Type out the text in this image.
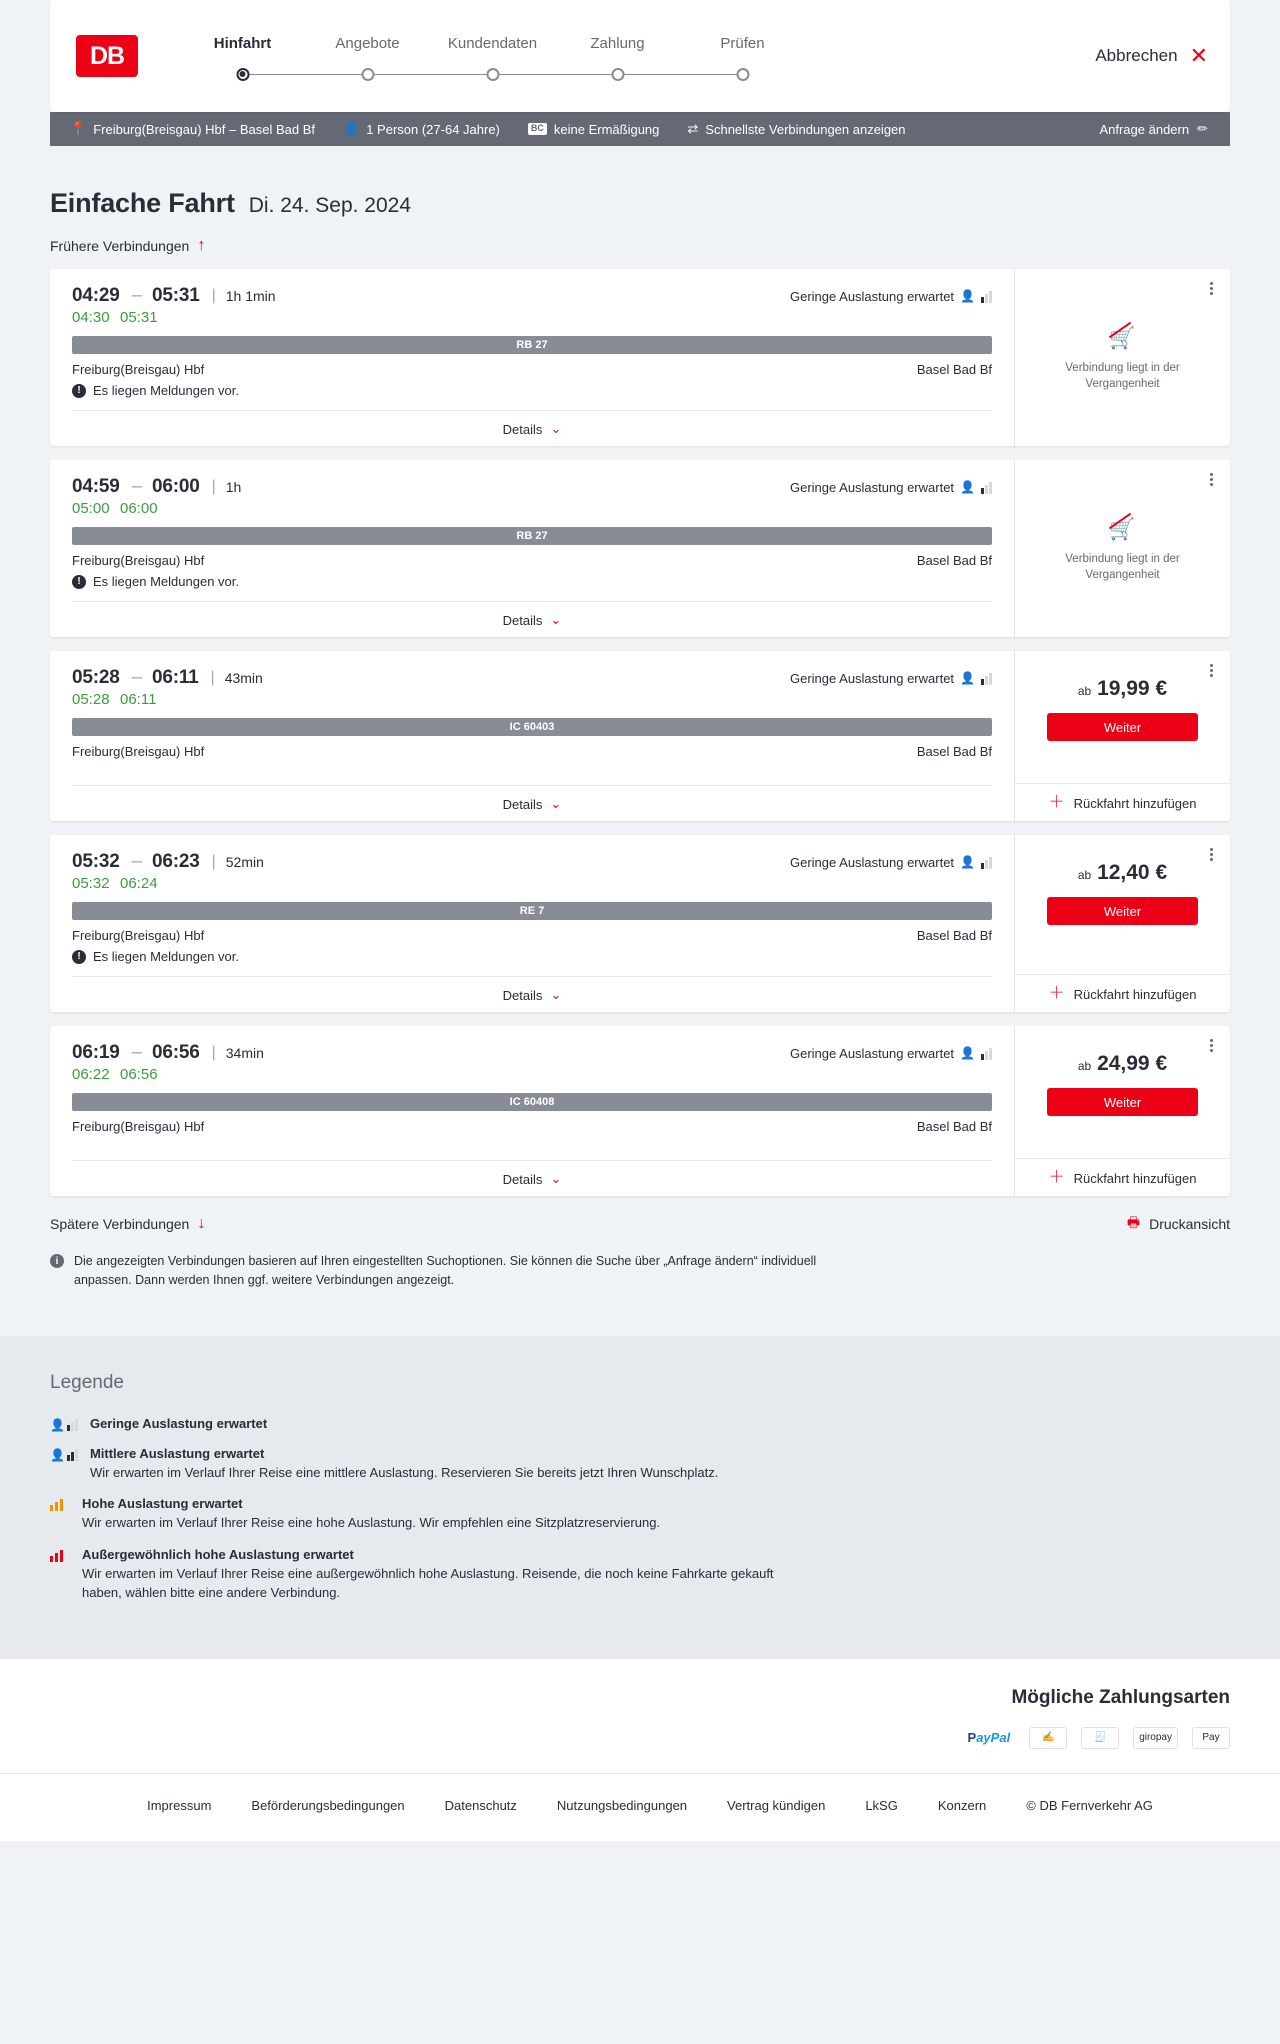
DB	Hinfahrt	Angebote	Kundendaten	Zahlung	Prüfen
Abbrechen ✕
📍 Freiburg(Breisgau) Hbf – Basel Bad Bf 👤 1 Person (27-64 Jahre)	BC keine Ermäßigung ⇄ Schnellste Verbindungen anzeigen	Anfrage ändern ✏
Einfache Fahrt Di. 24. Sep. 2024
Frühere Verbindungen ↑
04:29 – 05:31 | 1h 1min	Geringe Auslastung erwartet 👤
04:30 05:31
RB 27
Freiburg(Breisgau) Hbf	Basel Bad Bf
! Es liegen Meldungen vor.
Details ⌄
🛒
Verbindung liegt in der Vergangenheit
04:59 – 06:00 | 1h	Geringe Auslastung erwartet 👤
05:00 06:00
RB 27
Freiburg(Breisgau) Hbf	Basel Bad Bf
! Es liegen Meldungen vor.
Details ⌄
🛒
Verbindung liegt in der Vergangenheit
05:28 – 06:11 | 43min	Geringe Auslastung erwartet 👤
05:28 06:11
IC 60403
Freiburg(Breisgau) Hbf	Basel Bad Bf
Details ⌄
ab 19,99 €
Weiter
＋ Rückfahrt hinzufügen
05:32 – 06:23 | 52min	Geringe Auslastung erwartet 👤
05:32 06:24
RE 7
Freiburg(Breisgau) Hbf	Basel Bad Bf
! Es liegen Meldungen vor.
Details ⌄
ab 12,40 €
Weiter
＋ Rückfahrt hinzufügen
06:19 – 06:56 | 34min	Geringe Auslastung erwartet 👤
06:22 06:56
IC 60408
Freiburg(Breisgau) Hbf	Basel Bad Bf
Details ⌄
ab 24,99 €
Weiter
＋ Rückfahrt hinzufügen
Spätere Verbindungen ↓	🖶 Druckansicht
i	Die angezeigten Verbindungen basieren auf Ihren eingestellten Suchoptionen. Sie können die Suche über „Anfrage ändern“ individuell anpassen. Dann werden Ihnen ggf. weitere Verbindungen angezeigt.
Legende
👤 Geringe Auslastung erwartet
👤 Mittlere Auslastung erwartet
Wir erwarten im Verlauf Ihrer Reise eine mittlere Auslastung. Reservieren Sie bereits jetzt Ihren Wunschplatz.
Hohe Auslastung erwartet
Wir erwarten im Verlauf Ihrer Reise eine hohe Auslastung. Wir empfehlen eine Sitzplatzreservierung.
Außergewöhnlich hohe Auslastung erwartet
Wir erwarten im Verlauf Ihrer Reise eine außergewöhnlich hohe Auslastung. Reisende, die noch keine Fahrkarte gekauft haben, wählen bitte eine andere Verbindung.
Mögliche Zahlungsarten
P ayPal	✍	🧾	giropay	Pay
Impressum	Beförderungsbedingungen	Datenschutz	Nutzungsbedingungen	Vertrag kündigen	LkSG	Konzern	© DB Fernverkehr AG
